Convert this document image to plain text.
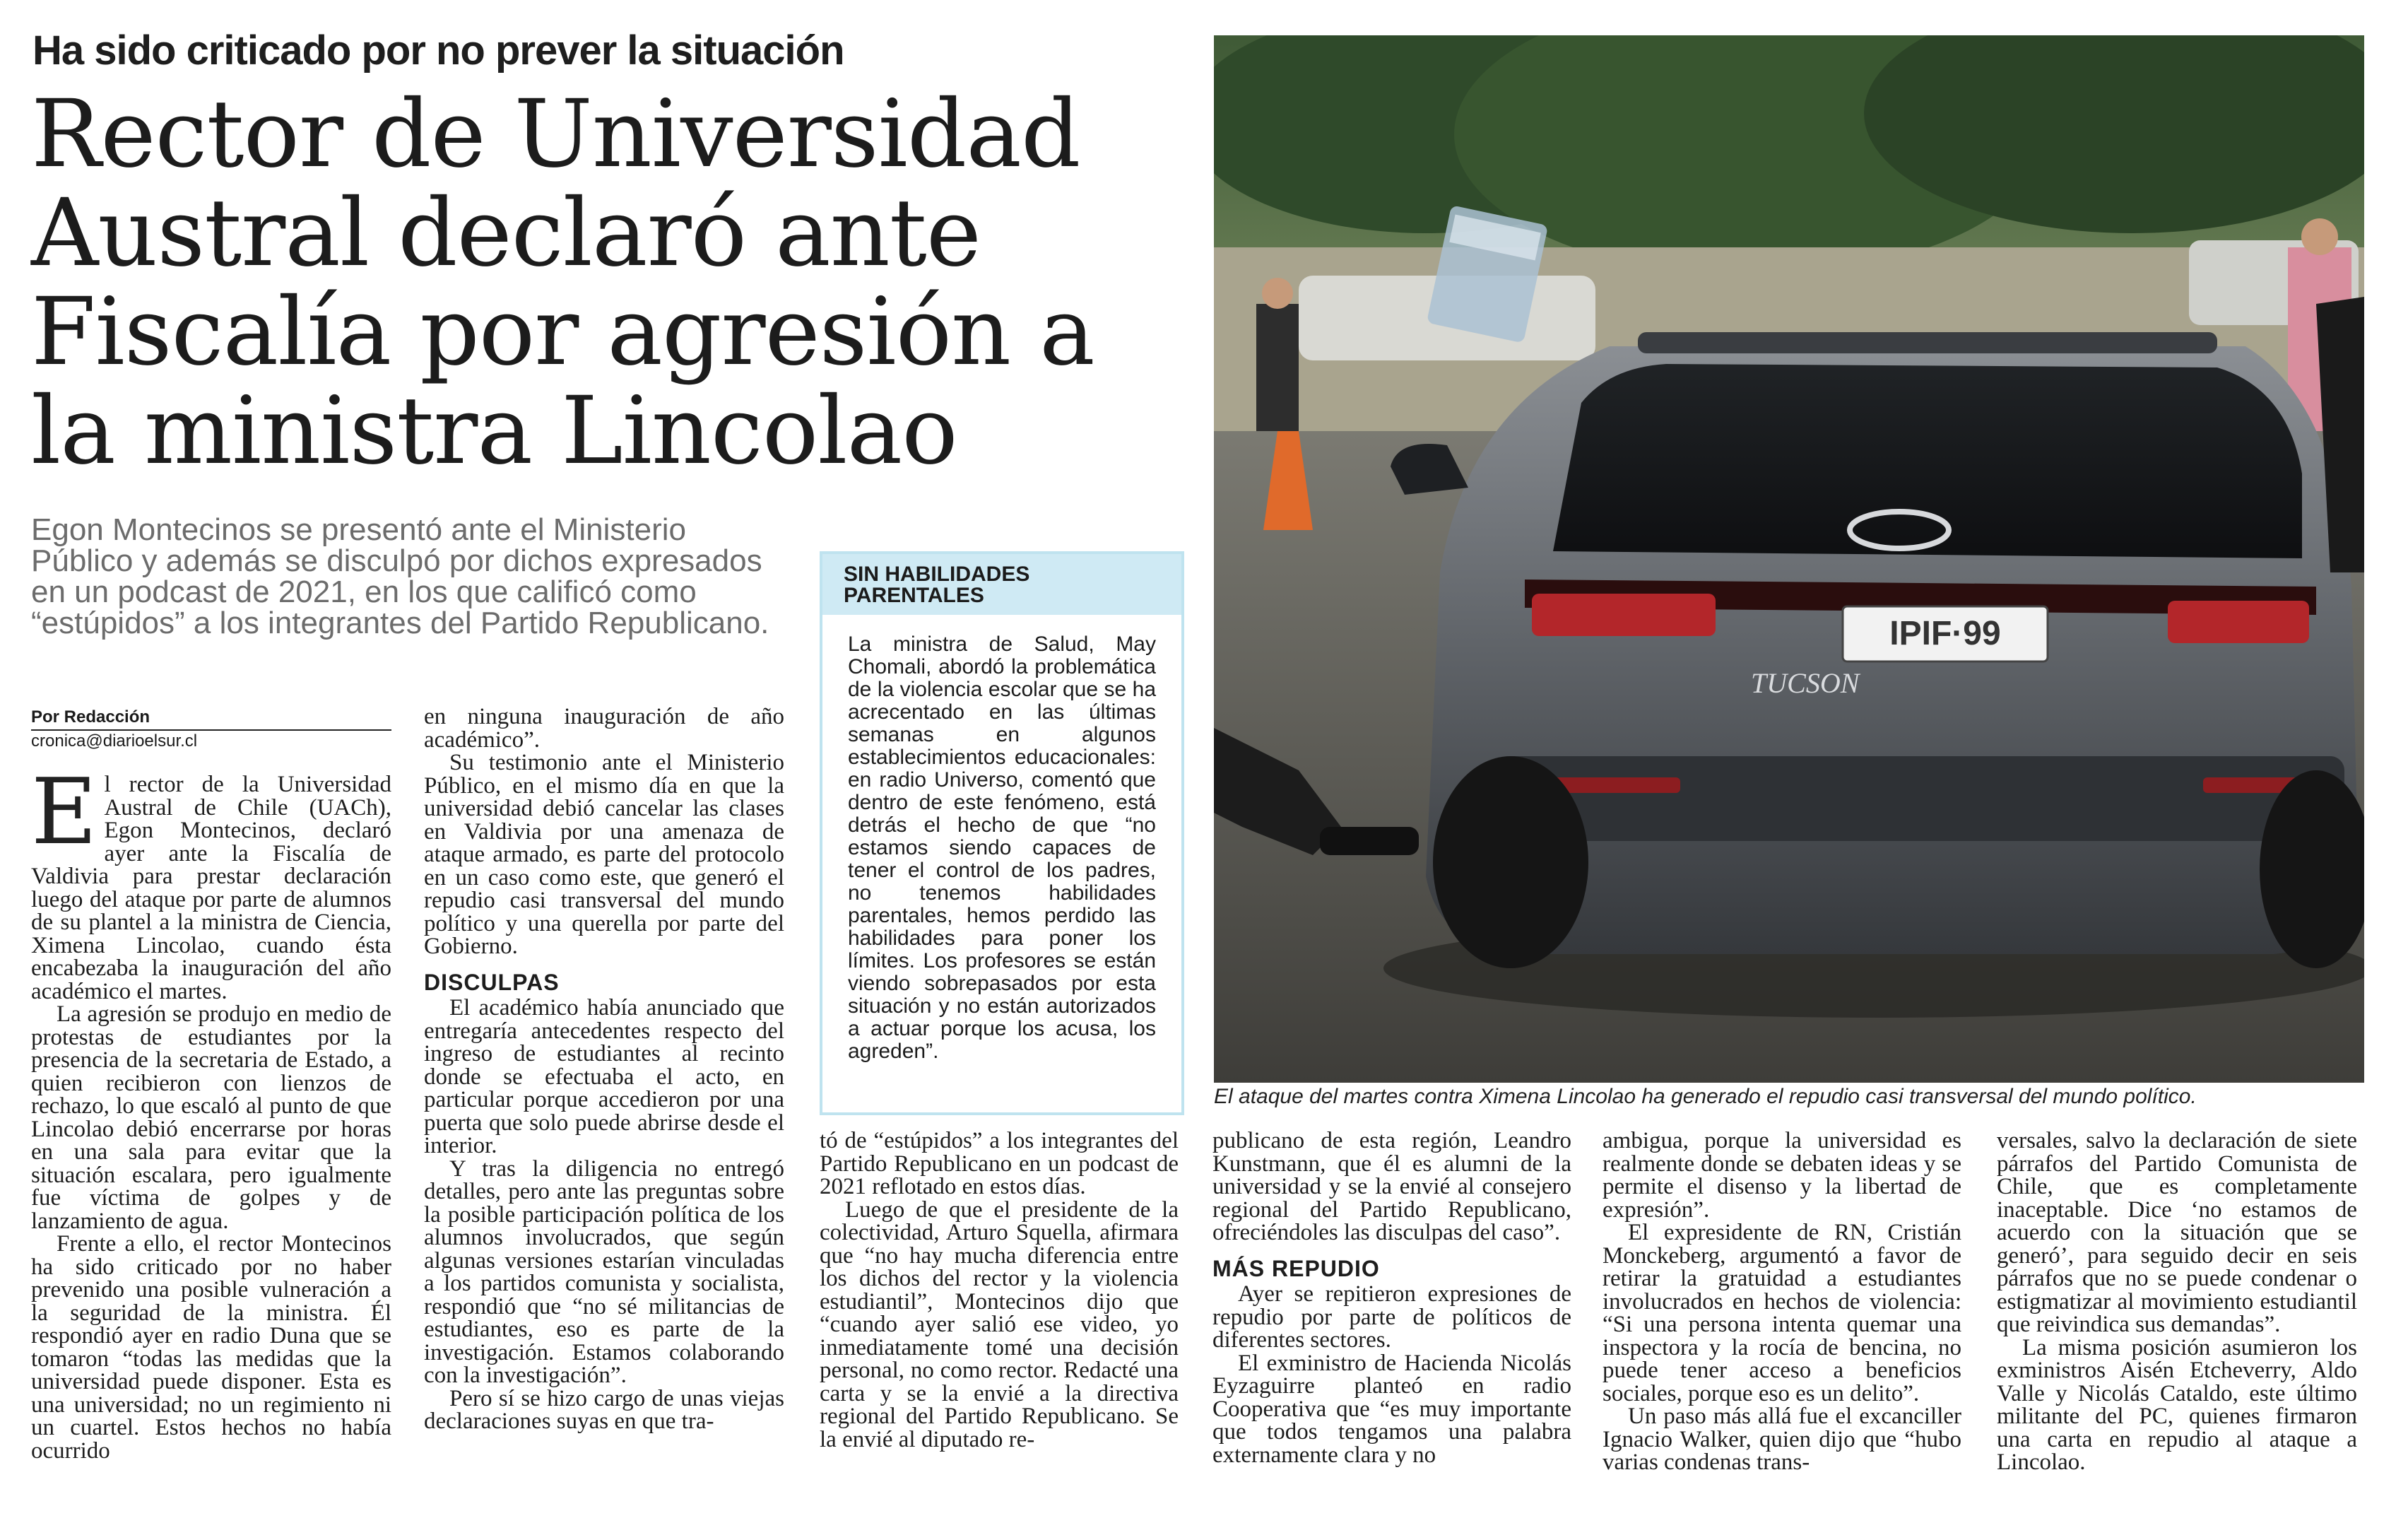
Ha sido criticado por no prever la situación
Rector de Universidad Austral declaró ante Fiscalía por agresión a la ministra Lincolao

Egon Montecinos se presentó ante el Ministerio Público y además se disculpó por dichos expresados en un podcast de 2021, en los que calificó como “estúpidos” a los integrantes del Partido Republicano.

Por Redacción
cronica@diarioelsur.cl

El rector de la Universidad Austral de Chile (UACh), Egon Montecinos, declaró ayer ante la Fiscalía de Valdivia para prestar declaración luego del ataque por parte de alumnos de su plantel a la ministra de Ciencia, Ximena Lincolao, cuando ésta encabezaba la inauguración del año académico el martes.

La agresión se produjo en medio de protestas de estudiantes por la presencia de la secretaria de Estado, a quien recibieron con lienzos de rechazo, lo que escaló al punto de que Lincolao debió encerrarse por horas en una sala para evitar que la situación escalara, pero igualmente fue víctima de golpes y de lanzamiento de agua.

Frente a ello, el rector Montecinos ha sido criticado por no haber prevenido una posible vulneración a la seguridad de la ministra. Él respondió ayer en radio Duna que se tomaron “todas las medidas que la universidad puede disponer. Esta es una universidad; no un regimiento ni un cuartel. Estos hechos no había ocurrido

en ninguna inauguración de año académico”.

Su testimonio ante el Ministerio Público, en el mismo día en que la universidad debió cancelar las clases en Valdivia por una amenaza de ataque armado, es parte del protocolo en un caso como este, que generó el repudio casi transversal del mundo político y una querella por parte del Gobierno.

DISCULPAS

El académico había anunciado que entregaría antecedentes respecto del ingreso de estudiantes al recinto donde se efectuaba el acto, en particular porque accedieron por una puerta que solo puede abrirse desde el interior.

Y tras la diligencia no entregó detalles, pero ante las preguntas sobre la posible participación política de los alumnos involucrados, que según algunas versiones estarían vinculadas a los partidos comunista y socialista, respondió que “no sé militancias de estudiantes, eso es parte de la investigación. Estamos colaborando con la investigación”.

Pero sí se hizo cargo de unas viejas declaraciones suyas en que tra-

SIN HABILIDADES PARENTALES
La ministra de Salud, May Chomali, abordó la problemática de la violencia escolar que se ha acrecentado en las últimas semanas en algunos establecimientos educacionales: en radio Universo, comentó que dentro de este fenómeno, está detrás el hecho de que “no estamos siendo capaces de tener el control de los padres, no tenemos habilidades parentales, hemos perdido las habilidades para poner los límites. Los profesores se están viendo sobrepasados por esta situación y no están autorizados a actuar porque los acusa, los agreden”.

tó de “estúpidos” a los integrantes del Partido Republicano en un podcast de 2021 reflotado en estos días.

Luego de que el presidente de la colectividad, Arturo Squella, afirmara que “no hay mucha diferencia entre los dichos del rector y la violencia estudiantil”, Montecinos dijo que “cuando ayer salió ese video, yo inmediatamente tomé una decisión personal, no como rector. Redacté una carta y se la envié a la directiva regional del Partido Republicano. Se la envié al diputado re-

publicano de esta región, Leandro Kunstmann, que él es alumni de la universidad y se la envié al consejero regional del Partido Republicano, ofreciéndoles las disculpas del caso”.

MÁS REPUDIO

Ayer se repitieron expresiones de repudio por parte de políticos de diferentes sectores.

El exministro de Hacienda Nicolás Eyzaguirre planteó en radio Cooperativa que “es muy importante que todos tengamos una palabra externamente clara y no

ambigua, porque la universidad es realmente donde se debaten ideas y se permite el disenso y la libertad de expresión”.

El expresidente de RN, Cristián Monckeberg, argumentó a favor de retirar la gratuidad a estudiantes involucrados en hechos de violencia: “Si una persona intenta quemar una inspectora y la rocía de bencina, no puede tener acceso a beneficios sociales, porque eso es un delito”.

Un paso más allá fue el excanciller Ignacio Walker, quien dijo que “hubo varias condenas trans-

versales, salvo la declaración de siete párrafos del Partido Comunista de Chile, que es completamente inaceptable. Dice ‘no estamos de acuerdo con la situación que se generó’, para seguido decir en seis párrafos que no se puede condenar o estigmatizar al movimiento estudiantil que reivindica sus demandas”.

La misma posición asumieron los exministros Aisén Etcheverry, Aldo Valle y Nicolás Cataldo, este último militante del PC, quienes firmaron una carta en repudio al ataque a Lincolao.

IPIF·99
TUCSON
El ataque del martes contra Ximena Lincolao ha generado el repudio casi transversal del mundo político.
